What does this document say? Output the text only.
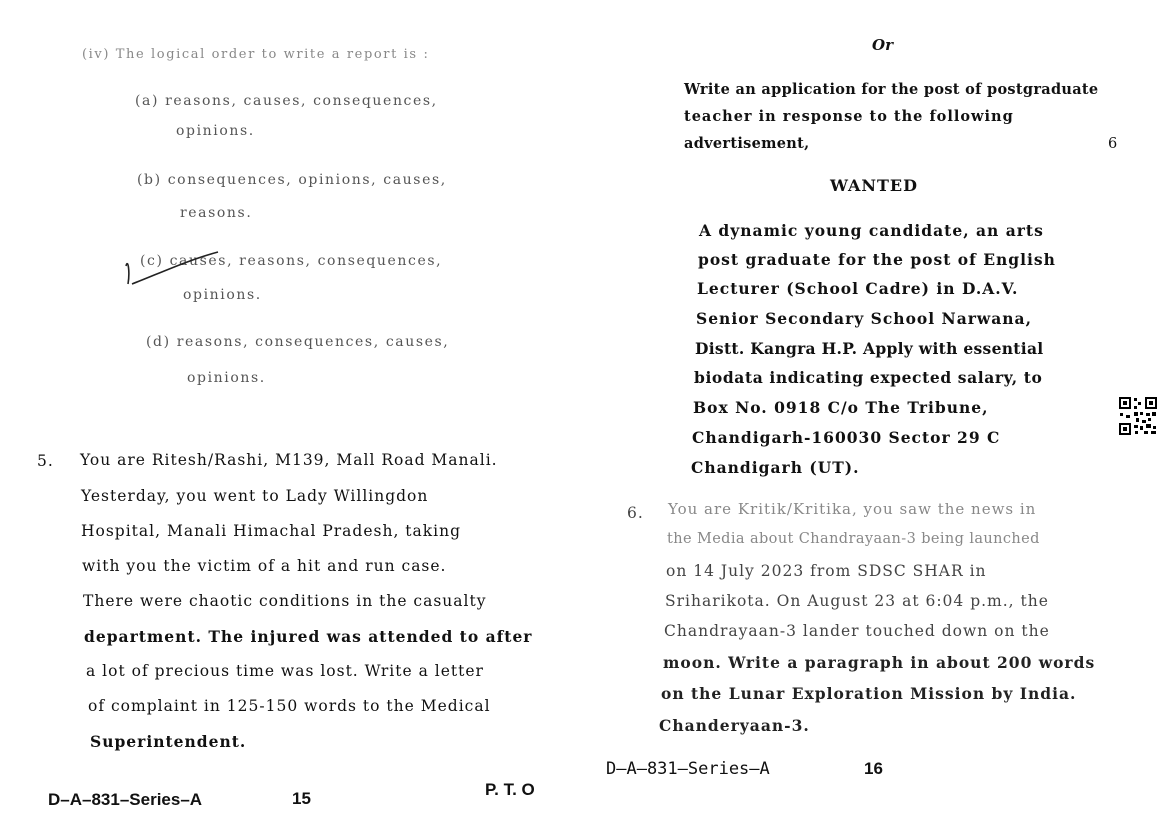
(iv) The logical order to write a report is :
(a) reasons, causes, consequences,
opinions.
(b) consequences, opinions, causes,
reasons.
(c) causes, reasons, consequences,
opinions.
(d) reasons, consequences, causes,
opinions.
5. You are Ritesh/Rashi, M139, Mall Road Manali.
Yesterday, you went to Lady Willingdon
Hospital, Manali Himachal Pradesh, taking
with you the victim of a hit and run case.
There were chaotic conditions in the casualty
department. The injured was attended to after
a lot of precious time was lost. Write a letter
of complaint in 125-150 words to the Medical
Superintendent.
D–A–831–Series–A	15	P. T. O
Or
Write an application for the post of postgraduate
teacher in response to the following
advertisement,	6
WANTED
A dynamic young candidate, an arts
post graduate for the post of English
Lecturer (School Cadre) in D.A.V.
Senior Secondary School Narwana,
Distt. Kangra H.P. Apply with essential
biodata indicating expected salary, to
Box No. 0918 C/o The Tribune,
Chandigarh-160030 Sector 29 C
Chandigarh (UT).
6. You are Kritik/Kritika, you saw the news in
the Media about Chandrayaan-3 being launched
on 14 July 2023 from SDSC SHAR in
Sriharikota. On August 23 at 6:04 p.m., the
Chandrayaan-3 lander touched down on the
moon. Write a paragraph in about 200 words
on the Lunar Exploration Mission by India.
Chanderyaan-3.
D–A–831–Series–A	16
